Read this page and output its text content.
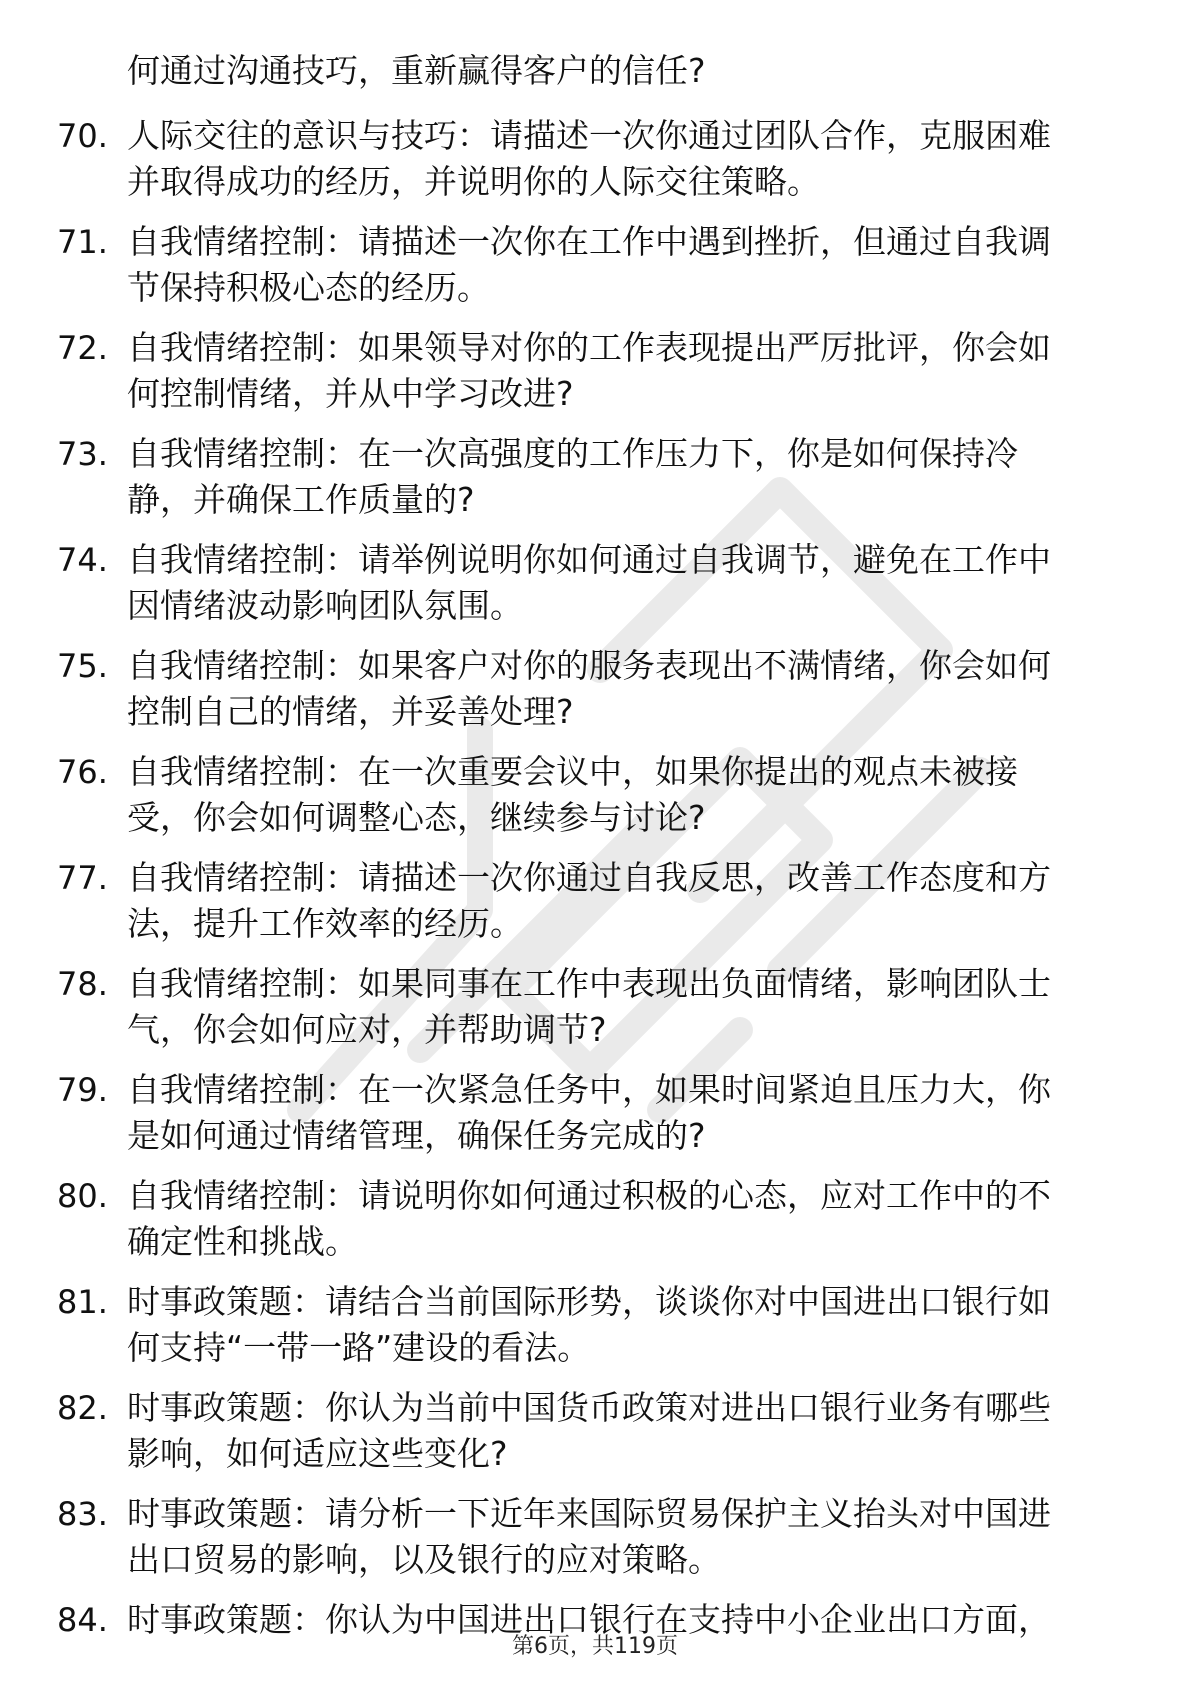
何通过沟通技巧，重新赢得客户的信任?
70. 人际交往的意识与技巧：请描述一次你通过团队合作，克服困难
并取得成功的经历，并说明你的人际交往策略。
71. 自我情绪控制：请描述一次你在工作中遇到挫折，但通过自我调
节保持积极心态的经历。
72. 自我情绪控制：如果领导对你的工作表现提出严厉批评，你会如
何控制情绪，并从中学习改进?
73. 自我情绪控制：在一次高强度的工作压力下，你是如何保持冷
静，并确保工作质量的?
74. 自我情绪控制：请举例说明你如何通过自我调节，避免在工作中
因情绪波动影响团队氛围。
75. 自我情绪控制：如果客户对你的服务表现出不满情绪，你会如何
控制自己的情绪，并妥善处理?
76. 自我情绪控制：在一次重要会议中，如果你提出的观点未被接
受，你会如何调整心态，继续参与讨论?
77. 自我情绪控制：请描述一次你通过自我反思，改善工作态度和方
法，提升工作效率的经历。
78. 自我情绪控制：如果同事在工作中表现出负面情绪，影响团队士
气，你会如何应对，并帮助调节?
79. 自我情绪控制：在一次紧急任务中，如果时间紧迫且压力大，你
是如何通过情绪管理，确保任务完成的?
80. 自我情绪控制：请说明你如何通过积极的心态，应对工作中的不
确定性和挑战。
81. 时事政策题：请结合当前国际形势，谈谈你对中国进出口银行如
何支持“一带一路”建设的看法。
82. 时事政策题：你认为当前中国货币政策对进出口银行业务有哪些
影响，如何适应这些变化?
83. 时事政策题：请分析一下近年来国际贸易保护主义抬头对中国进
出口贸易的影响，以及银行的应对策略。
84. 时事政策题：你认为中国进出口银行在支持中小企业出口方面，
第6页，共119页
